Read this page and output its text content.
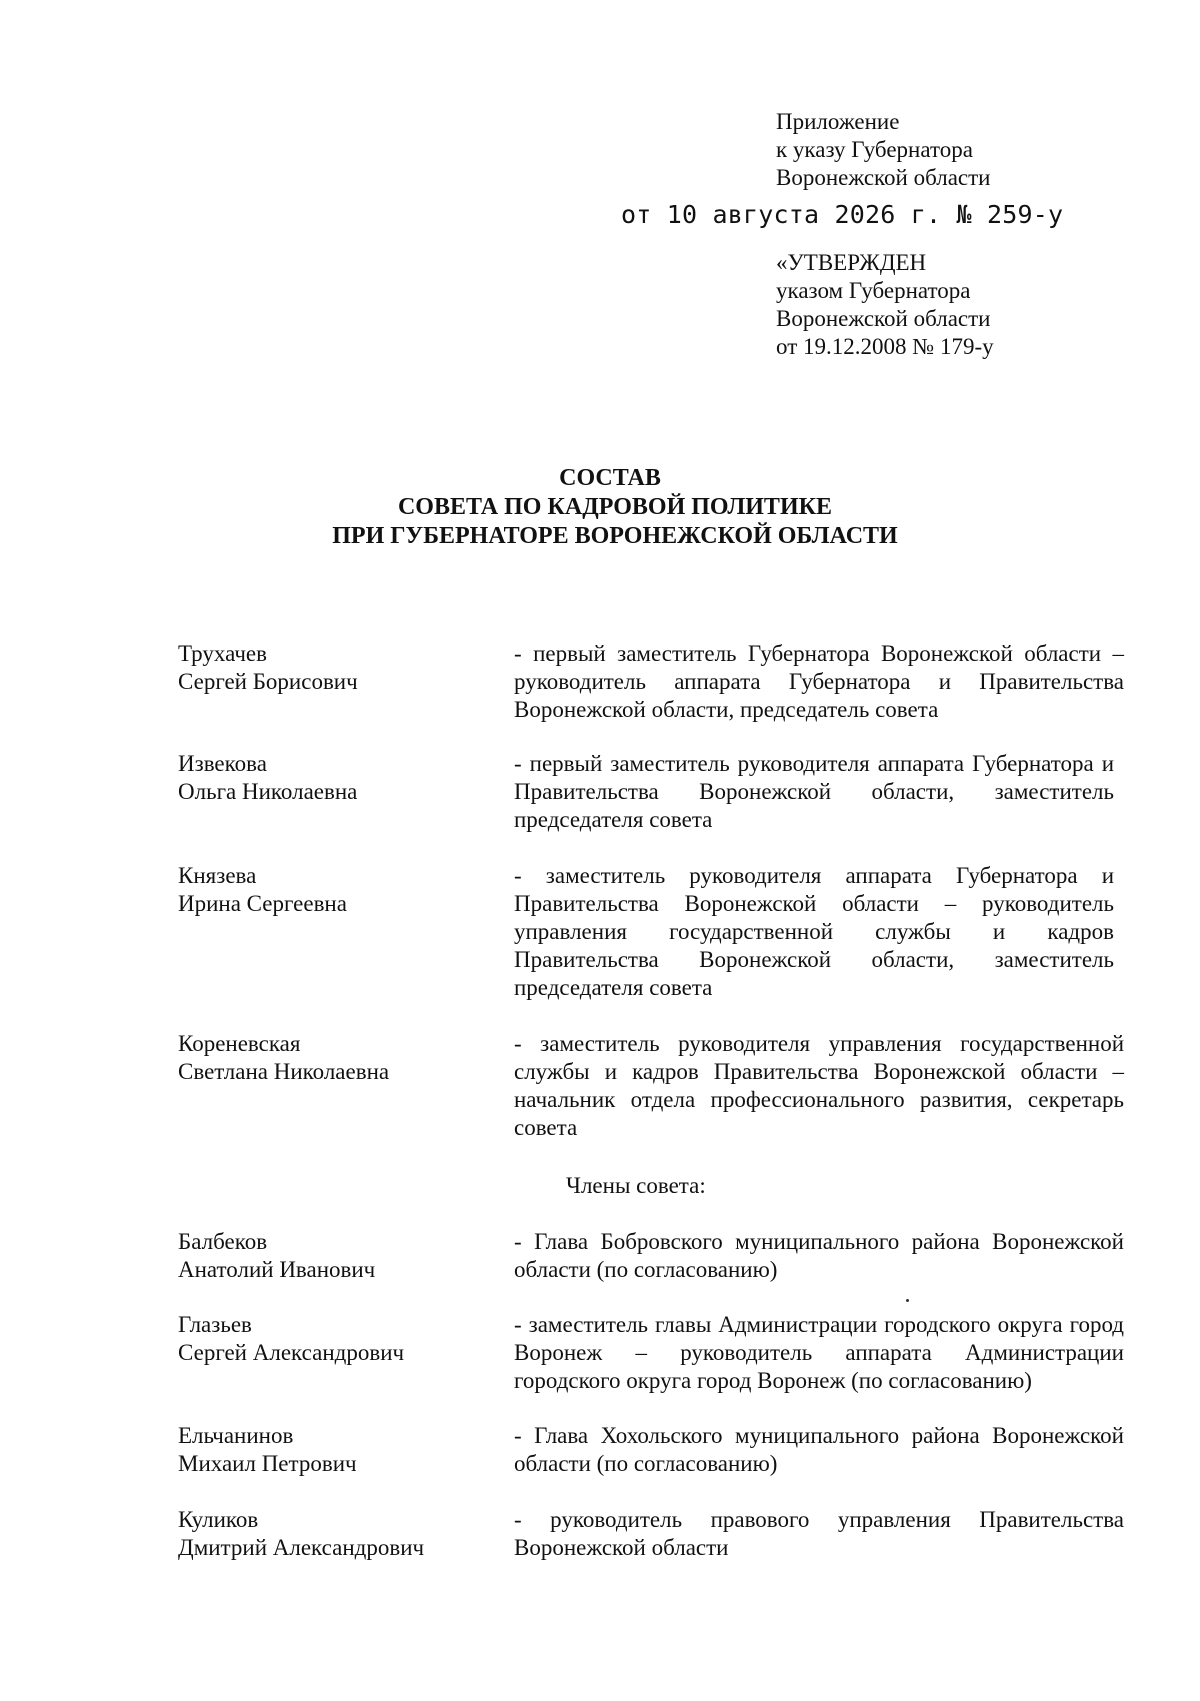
Приложение
к указу Губернатора
Воронежской области
от 10 августа 2026 г. № 259-у
«УТВЕРЖДЕН
указом Губернатора
Воронежской области
от 19.12.2008 № 179-у
СОСТАВ
СОВЕТА ПО КАДРОВОЙ ПОЛИТИКЕ
ПРИ ГУБЕРНАТОРЕ ВОРОНЕЖСКОЙ ОБЛАСТИ
Трухачев
Сергей Борисович
- первый заместитель Губернатора Воронежской области – руководитель аппарата Губернатора и Правительства Воронежской области, председатель совета
Извекова
Ольга Николаевна
- первый заместитель руководителя аппарата Губернатора и Правительства Воронежской области, заместитель председателя совета
Князева
Ирина Сергеевна
- заместитель руководителя аппарата Губернатора и Правительства Воронежской области – руководитель управления государственной службы и кадров Правительства Воронежской области, заместитель председателя совета
Кореневская
Светлана Николаевна
- заместитель руководителя управления государственной службы и кадров Правительства Воронежской области – начальник отдела профессионального развития, секретарь совета
Члены совета:
Балбеков
Анатолий Иванович
- Глава Бобровского муниципального района Воронежской области (по согласованию)
Глазьев
Сергей Александрович
- заместитель главы Администрации городского округа город Воронеж – руководитель аппарата Администрации городского округа город Воронеж (по согласованию)
Ельчанинов
Михаил Петрович
- Глава Хохольского муниципального района Воронежской области (по согласованию)
Куликов
Дмитрий Александрович
- руководитель правового управления Правительства Воронежской области
